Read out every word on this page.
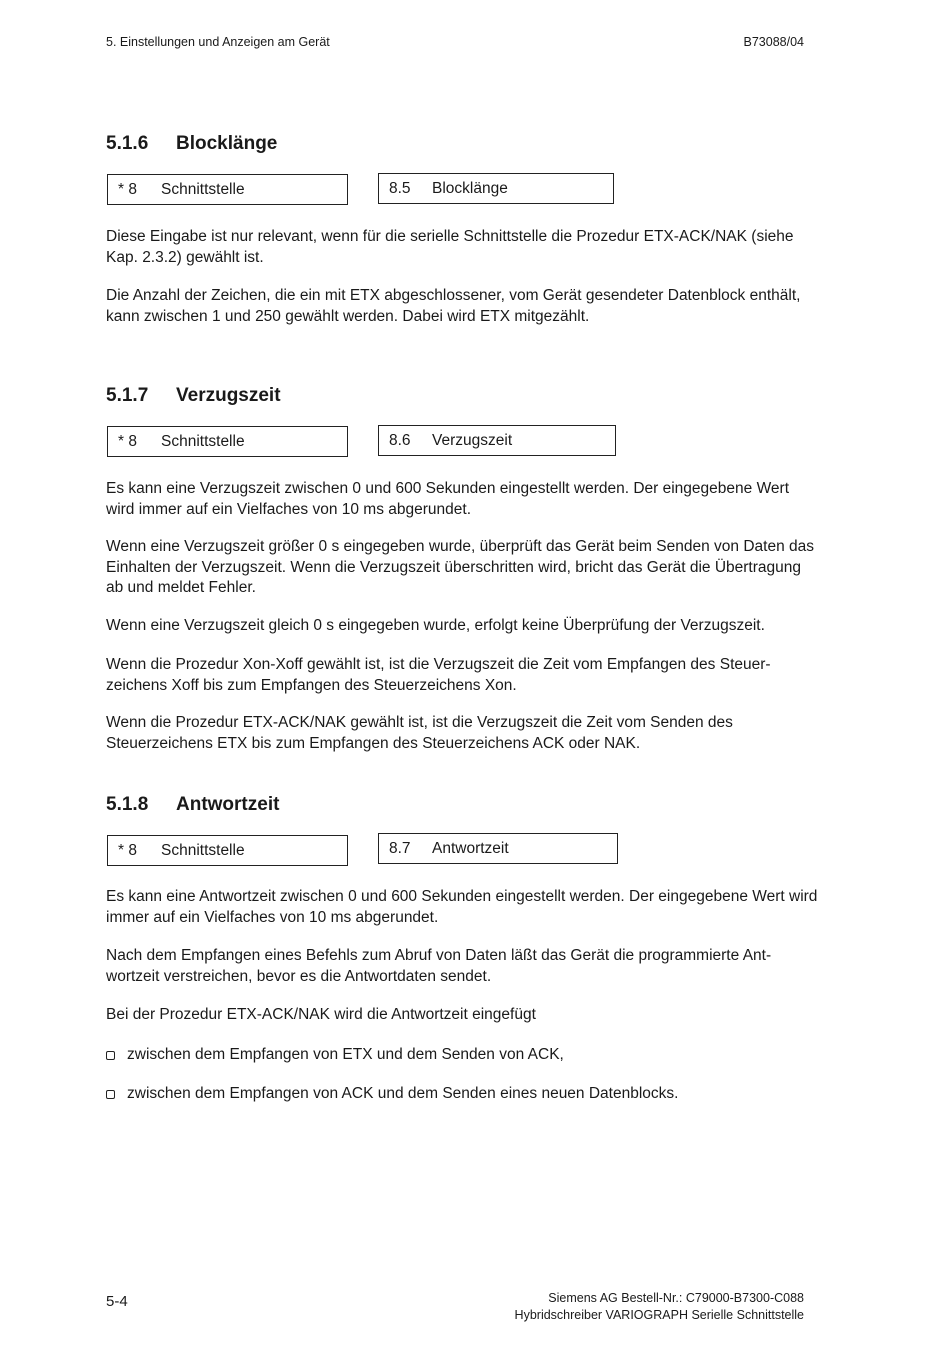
5. Einstellungen und Anzeigen am Gerät	B73088/04
5.1.6 Blocklänge
* 8	Schnittstelle	8.5	Blocklänge

Diese Eingabe ist nur relevant, wenn für die serielle Schnittstelle die Prozedur ETX-ACK/NAK (siehe Kap. 2.3.2) gewählt ist.

Die Anzahl der Zeichen, die ein mit ETX abgeschlossener, vom Gerät gesendeter Datenblock enthält, kann zwischen 1 und 250 gewählt werden. Dabei wird ETX mitgezählt.

5.1.7 Verzugszeit
* 8	Schnittstelle	8.6	Verzugszeit

Es kann eine Verzugszeit zwischen 0 und 600 Sekunden eingestellt werden. Der eingegebene Wert wird immer auf ein Vielfaches von 10 ms abgerundet.

Wenn eine Verzugszeit größer 0 s eingegeben wurde, überprüft das Gerät beim Senden von Daten das Einhalten der Verzugszeit. Wenn die Verzugszeit überschritten wird, bricht das Gerät die Übertragung ab und meldet Fehler.

Wenn eine Verzugszeit gleich 0 s eingegeben wurde, erfolgt keine Überprüfung der Verzugszeit.

Wenn die Prozedur Xon-Xoff gewählt ist, ist die Verzugszeit die Zeit vom Empfangen des Steuer-zeichens Xoff bis zum Empfangen des Steuerzeichens Xon.

Wenn die Prozedur ETX-ACK/NAK gewählt ist, ist die Verzugszeit die Zeit vom Senden des Steuerzeichens ETX bis zum Empfangen des Steuerzeichens ACK oder NAK.

5.1.8 Antwortzeit
* 8	Schnittstelle	8.7	Antwortzeit

Es kann eine Antwortzeit zwischen 0 und 600 Sekunden eingestellt werden. Der eingegebene Wert wird immer auf ein Vielfaches von 10 ms abgerundet.

Nach dem Empfangen eines Befehls zum Abruf von Daten läßt das Gerät die programmierte Ant-wortzeit verstreichen, bevor es die Antwortdaten sendet.

Bei der Prozedur ETX-ACK/NAK wird die Antwortzeit eingefügt

zwischen dem Empfangen von ETX und dem Senden von ACK,
zwischen dem Empfangen von ACK und dem Senden eines neuen Datenblocks.
5-4	Siemens AG Bestell-Nr.: C79000-B7300-C088
Hybridschreiber VARIOGRAPH Serielle Schnittstelle
